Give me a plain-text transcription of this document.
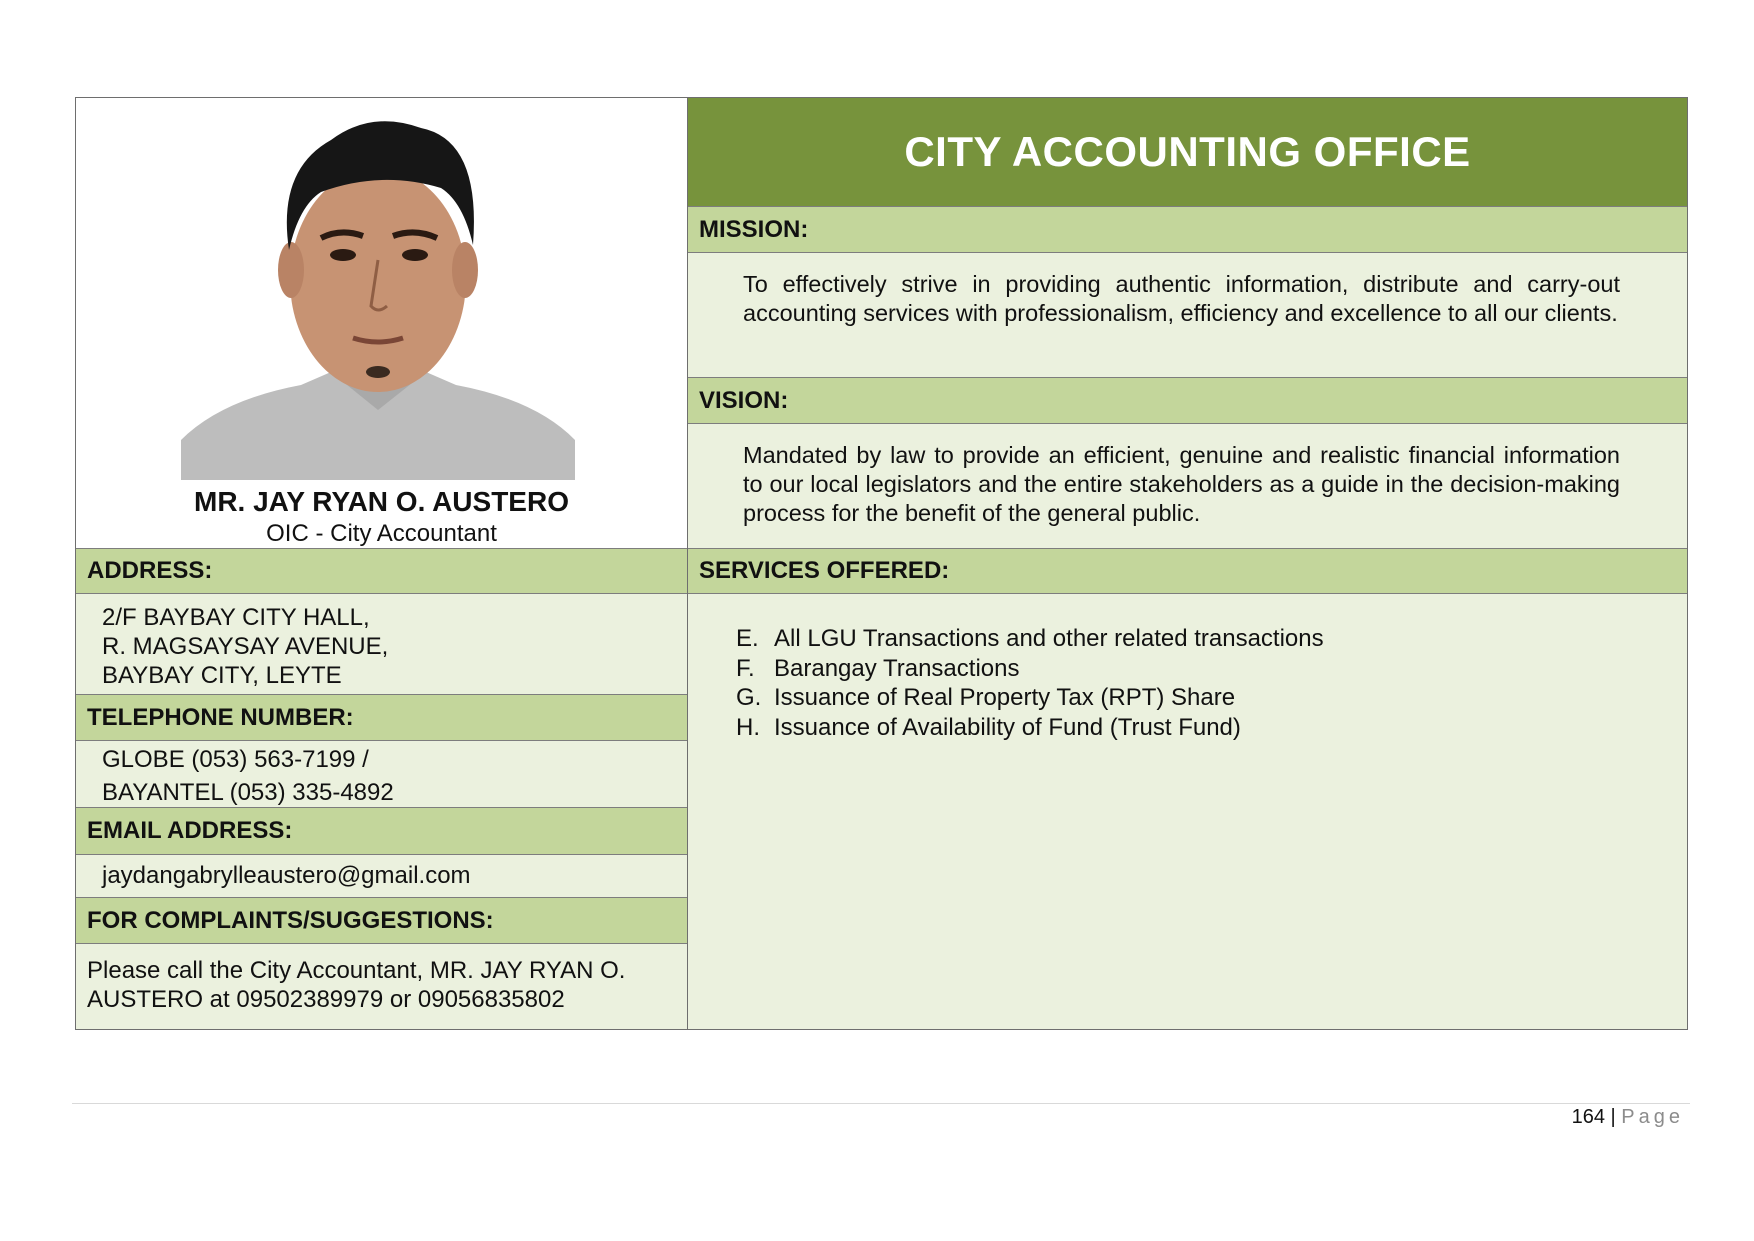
MR. JAY RYAN O. AUSTERO
OIC - City Accountant
ADDRESS:
2/F BAYBAY CITY HALL,
R. MAGSAYSAY AVENUE,
BAYBAY CITY, LEYTE
TELEPHONE NUMBER:
GLOBE (053) 563-7199 /
BAYANTEL (053) 335-4892
EMAIL ADDRESS:
jaydangabrylleaustero@gmail.com
FOR COMPLAINTS/SUGGESTIONS:
Please call the City Accountant, MR. JAY RYAN O. AUSTERO at 09502389979 or 09056835802
CITY ACCOUNTING OFFICE
MISSION:
To effectively strive in providing authentic information, distribute and carry-out accounting services with professionalism, efficiency and excellence to all our clients.
VISION:
Mandated by law to provide an efficient, genuine and realistic financial information to our local legislators and the entire stakeholders as a guide in the decision-making process for the benefit of the general public.
SERVICES OFFERED:
E. All LGU Transactions and other related transactions
F. Barangay Transactions
G. Issuance of Real Property Tax (RPT) Share
H. Issuance of Availability of Fund (Trust Fund)
164 | Page
